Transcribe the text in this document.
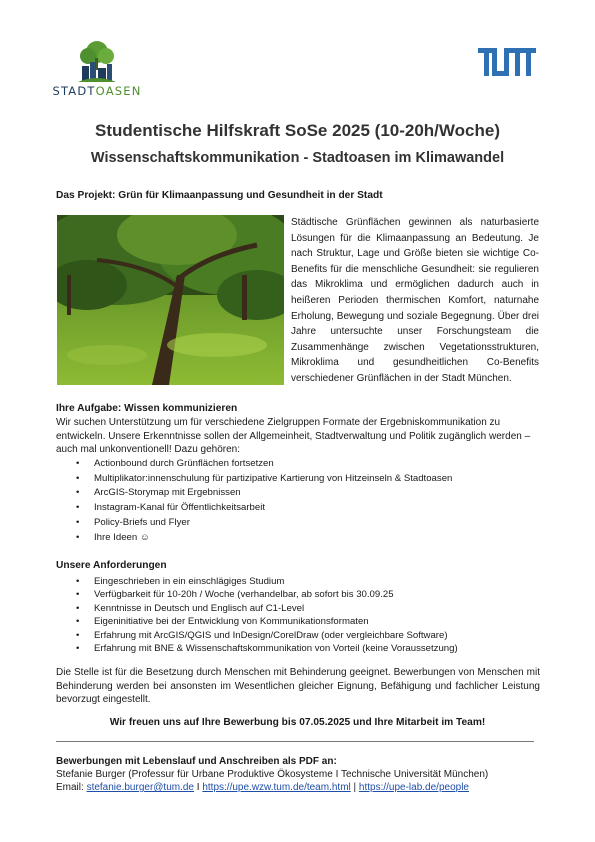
STADTOASEN
Studentische Hilfskraft SoSe 2025 (10-20h/Woche)
Wissenschaftskommunikation - Stadtoasen im Klimawandel
Das Projekt: Grün für Klimaanpassung und Gesundheit in der Stadt
Städtische Grünflächen gewinnen als naturbasierte Lösungen für die Klimaanpassung an Bedeutung. Je nach Struktur, Lage und Größe bieten sie wichtige Co-Benefits für die menschliche Gesundheit: sie regulieren das Mikroklima und ermöglichen dadurch auch in heißeren Perioden thermischen Komfort, naturnahe Erholung, Bewegung und soziale Begegnung. Über drei Jahre untersuchte unser Forschungsteam die Zusammenhänge zwischen Vegetationsstrukturen, Mikroklima und gesundheitlichen Co-Benefits verschiedener Grünflächen in der Stadt München.
Ihre Aufgabe: Wissen kommunizieren
Wir suchen Unterstützung um für verschiedene Zielgruppen Formate der Ergebniskommunikation zu entwickeln. Unsere Erkenntnisse sollen der Allgemeinheit, Stadtverwaltung und Politik zugänglich werden – auch mal unkonventionell! Dazu gehören:
• Actionbound durch Grünflächen fortsetzen
• Multiplikator:innenschulung für partizipative Kartierung von Hitzeinseln & Stadtoasen
• ArcGIS-Storymap mit Ergebnissen
• Instagram-Kanal für Öffentlichkeitsarbeit
• Policy-Briefs und Flyer
• Ihre Ideen ☺
Unsere Anforderungen
• Eingeschrieben in ein einschlägiges Studium
• Verfügbarkeit für 10-20h / Woche (verhandelbar, ab sofort bis 30.09.25
• Kenntnisse in Deutsch und Englisch auf C1-Level
• Eigeninitiative bei der Entwicklung von Kommunikationsformaten
• Erfahrung mit ArcGIS/QGIS und InDesign/CorelDraw (oder vergleichbare Software)
• Erfahrung mit BNE & Wissenschaftskommunikation von Vorteil (keine Voraussetzung)
Die Stelle ist für die Besetzung durch Menschen mit Behinderung geeignet. Bewerbungen von Menschen mit Behinderung werden bei ansonsten im Wesentlichen gleicher Eignung, Befähigung und fachlicher Leistung bevorzugt eingestellt.
Wir freuen uns auf Ihre Bewerbung bis 07.05.2025 und Ihre Mitarbeit im Team!
Bewerbungen mit Lebenslauf und Anschreiben als PDF an:
Stefanie Burger (Professur für Urbane Produktive Ökosysteme I Technische Universität München)
Email: stefanie.burger@tum.de I https://upe.wzw.tum.de/team.html | https://upe-lab.de/people
